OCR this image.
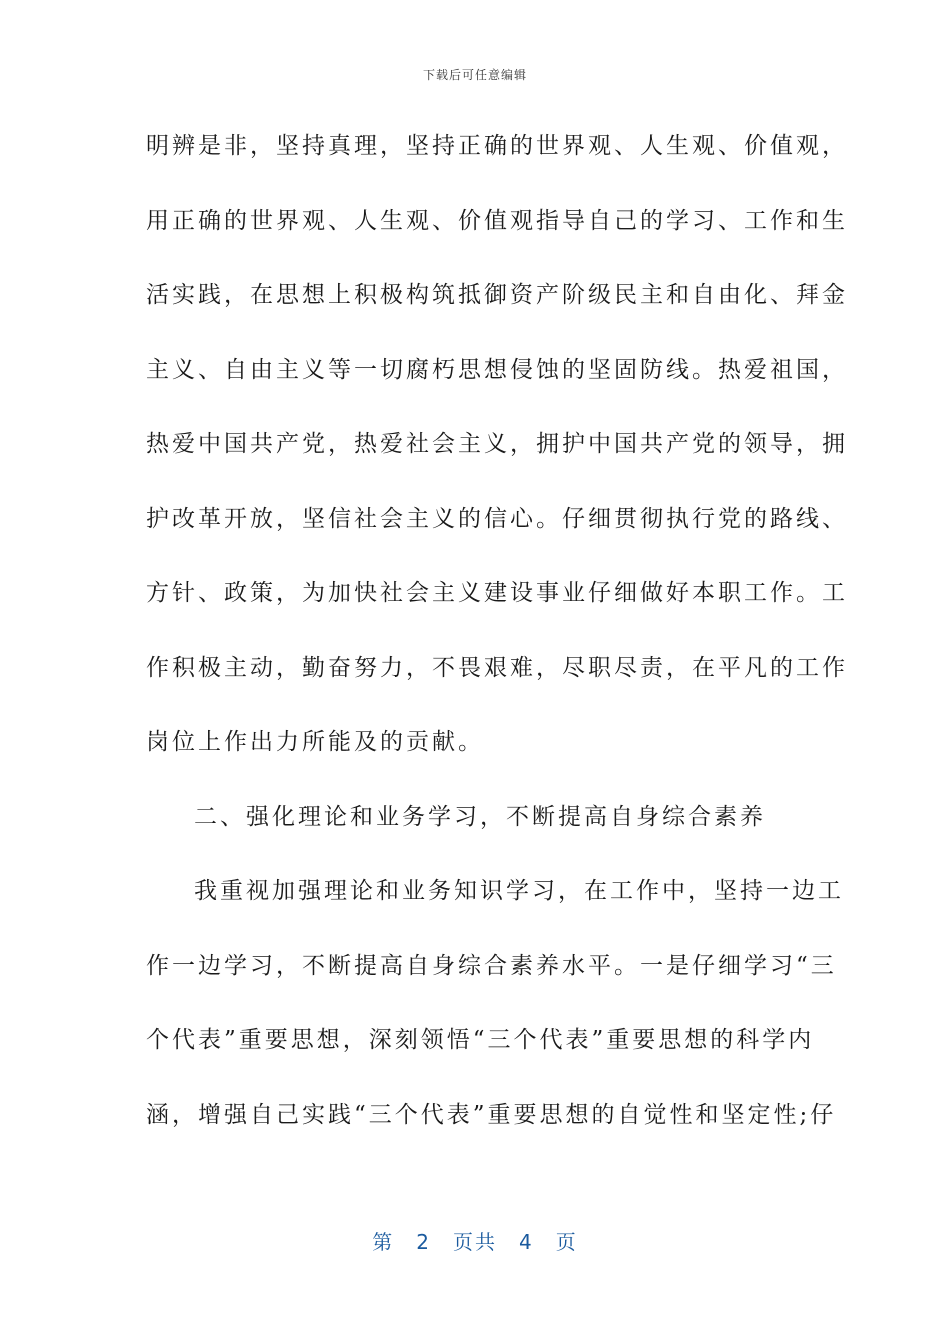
下载后可任意编辑
明辨是非，坚持真理，坚持正确的世界观、人生观、价值观，
用正确的世界观、人生观、价值观指导自己的学习、工作和生
活实践，在思想上积极构筑抵御资产阶级民主和自由化、拜金
主义、自由主义等一切腐朽思想侵蚀的坚固防线。热爱祖国，
热爱中国共产党，热爱社会主义，拥护中国共产党的领导，拥
护改革开放，坚信社会主义的信心。仔细贯彻执行党的路线、
方针、政策，为加快社会主义建设事业仔细做好本职工作。工
作积极主动，勤奋努力，不畏艰难，尽职尽责，在平凡的工作
岗位上作出力所能及的贡献。
二、强化理论和业务学习，不断提高自身综合素养
我重视加强理论和业务知识学习，在工作中，坚持一边工
作一边学习，不断提高自身综合素养水平。一是仔细学习“三
个代表”重要思想，深刻领悟“三个代表”重要思想的科学内
涵，增强自己实践“三个代表”重要思想的自觉性和坚定性;仔
第 2 页共 4 页
